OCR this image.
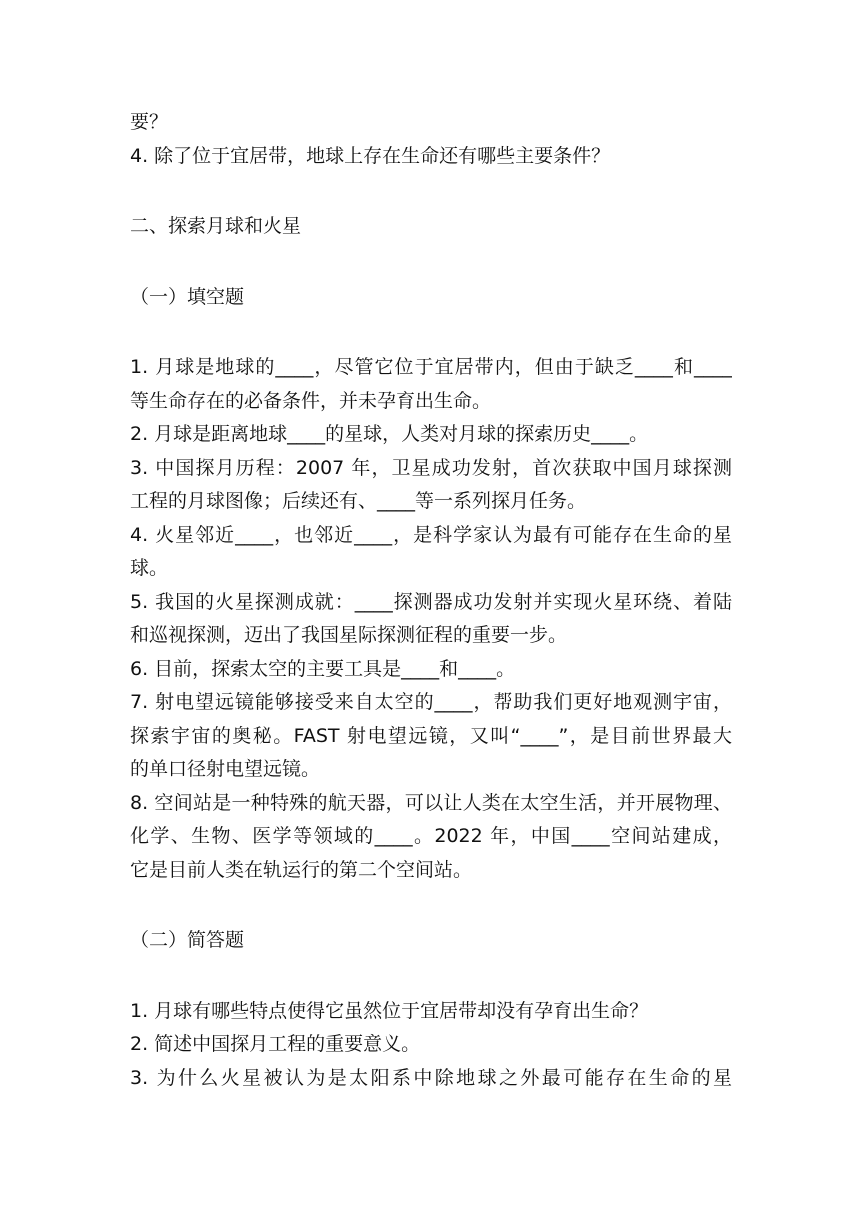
要？
4. 除了位于宜居带，地球上存在生命还有哪些主要条件？
二、探索月球和火星
（一）填空题
1. 月球是地球的____，尽管它位于宜居带内，但由于缺乏____和____
等生命存在的必备条件，并未孕育出生命。
2. 月球是距离地球____的星球，人类对月球的探索历史____。
3. 中国探月历程：2007 年，卫星成功发射，首次获取中国月球探测
工程的月球图像；后续还有、____等一系列探月任务。
4. 火星邻近____，也邻近____，是科学家认为最有可能存在生命的星
球。
5. 我国的火星探测成就：____探测器成功发射并实现火星环绕、着陆
和巡视探测，迈出了我国星际探测征程的重要一步。
6. 目前，探索太空的主要工具是____和____。
7. 射电望远镜能够接受来自太空的____，帮助我们更好地观测宇宙，
探索宇宙的奥秘。FAST 射电望远镜，又叫“____”，是目前世界最大
的单口径射电望远镜。
8. 空间站是一种特殊的航天器，可以让人类在太空生活，并开展物理、
化学、生物、医学等领域的____。2022 年，中国____空间站建成，
它是目前人类在轨运行的第二个空间站。
（二）简答题
1. 月球有哪些特点使得它虽然位于宜居带却没有孕育出生命？
2. 简述中国探月工程的重要意义。
3. 为什么火星被认为是太阳系中除地球之外最可能存在生命的星
